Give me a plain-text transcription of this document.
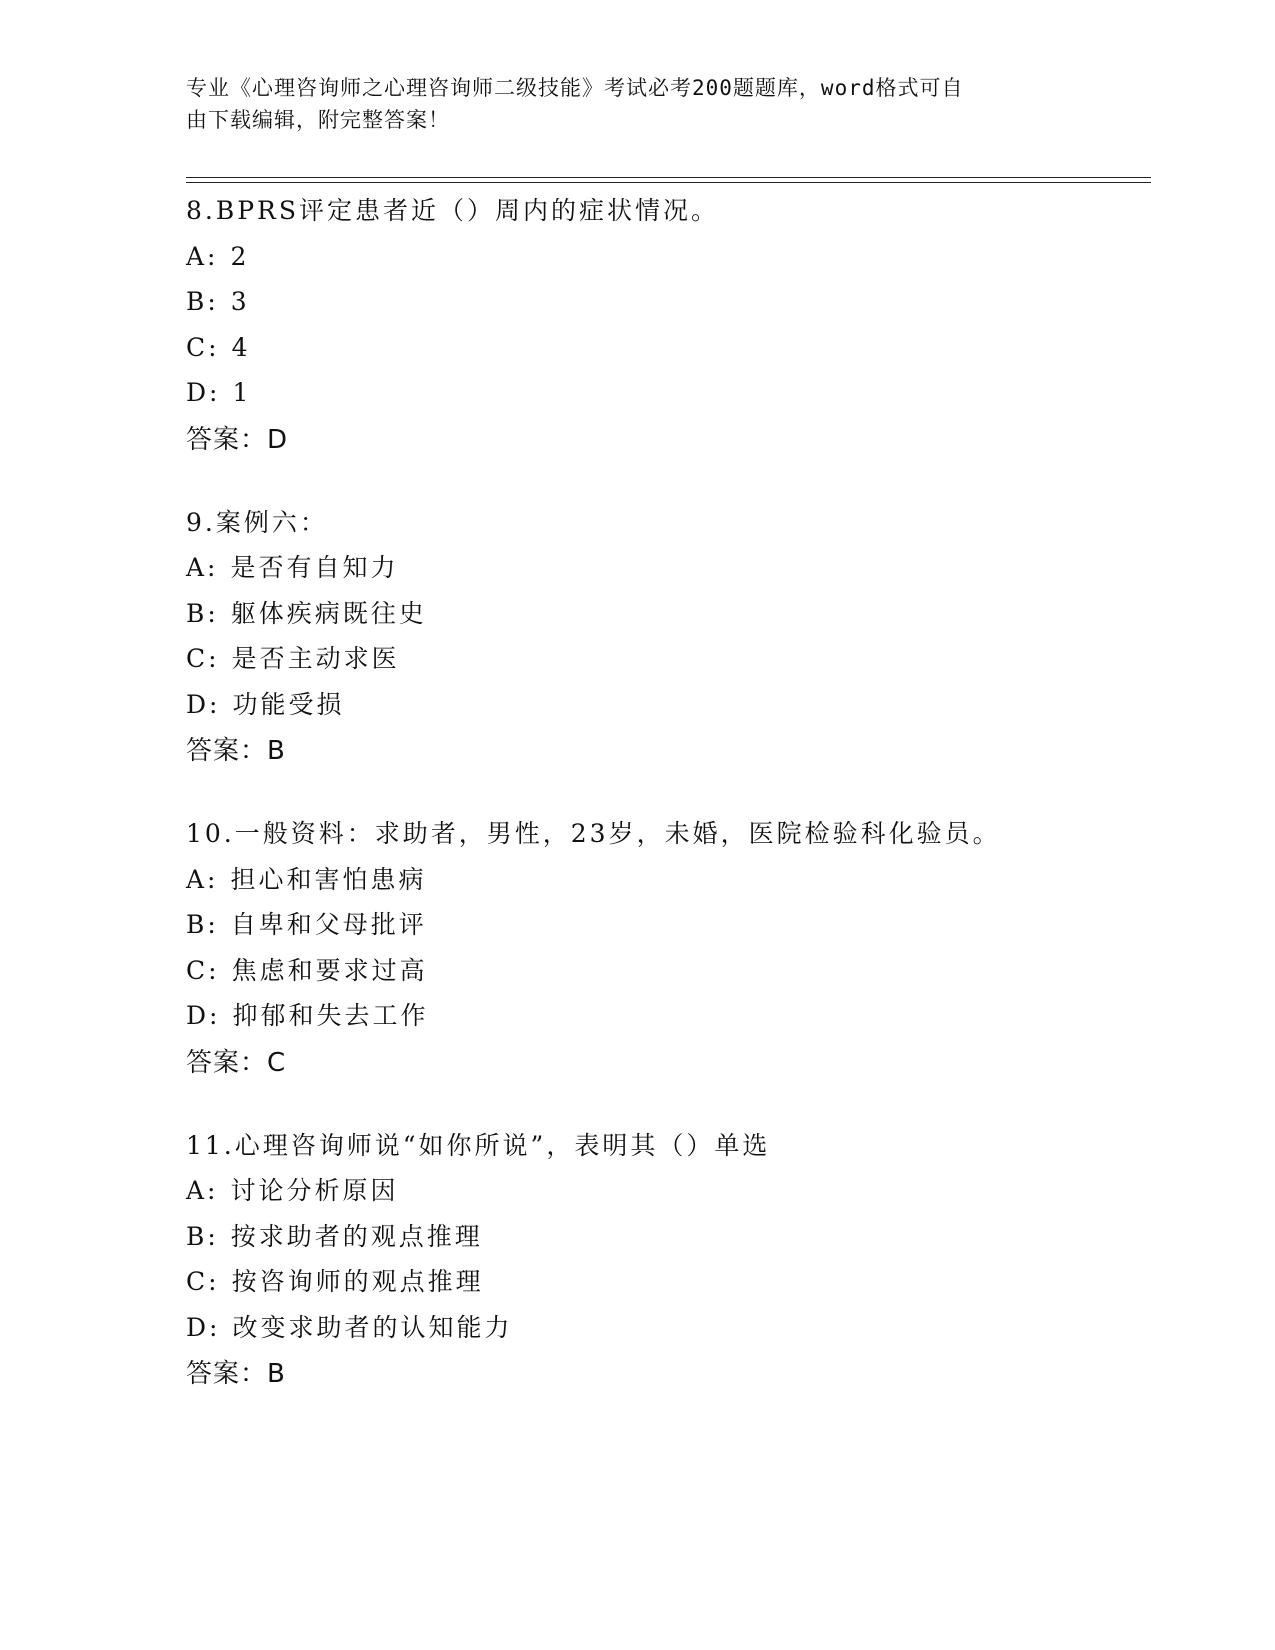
专业《心理咨询师之心理咨询师二级技能》考试必考200题题库，word格式可自
由下载编辑，附完整答案！
8.BPRS评定患者近（）周内的症状情况。
A: 2
B: 3
C: 4
D: 1
答案：D
9.案例六：
A: 是否有自知力
B: 躯体疾病既往史
C: 是否主动求医
D: 功能受损
答案：B
10.一般资料：求助者，男性，23岁，未婚，医院检验科化验员。
A: 担心和害怕患病
B: 自卑和父母批评
C: 焦虑和要求过高
D: 抑郁和失去工作
答案：C
11.心理咨询师说“如你所说”，表明其（）单选
A: 讨论分析原因
B: 按求助者的观点推理
C: 按咨询师的观点推理
D: 改变求助者的认知能力
答案：B
